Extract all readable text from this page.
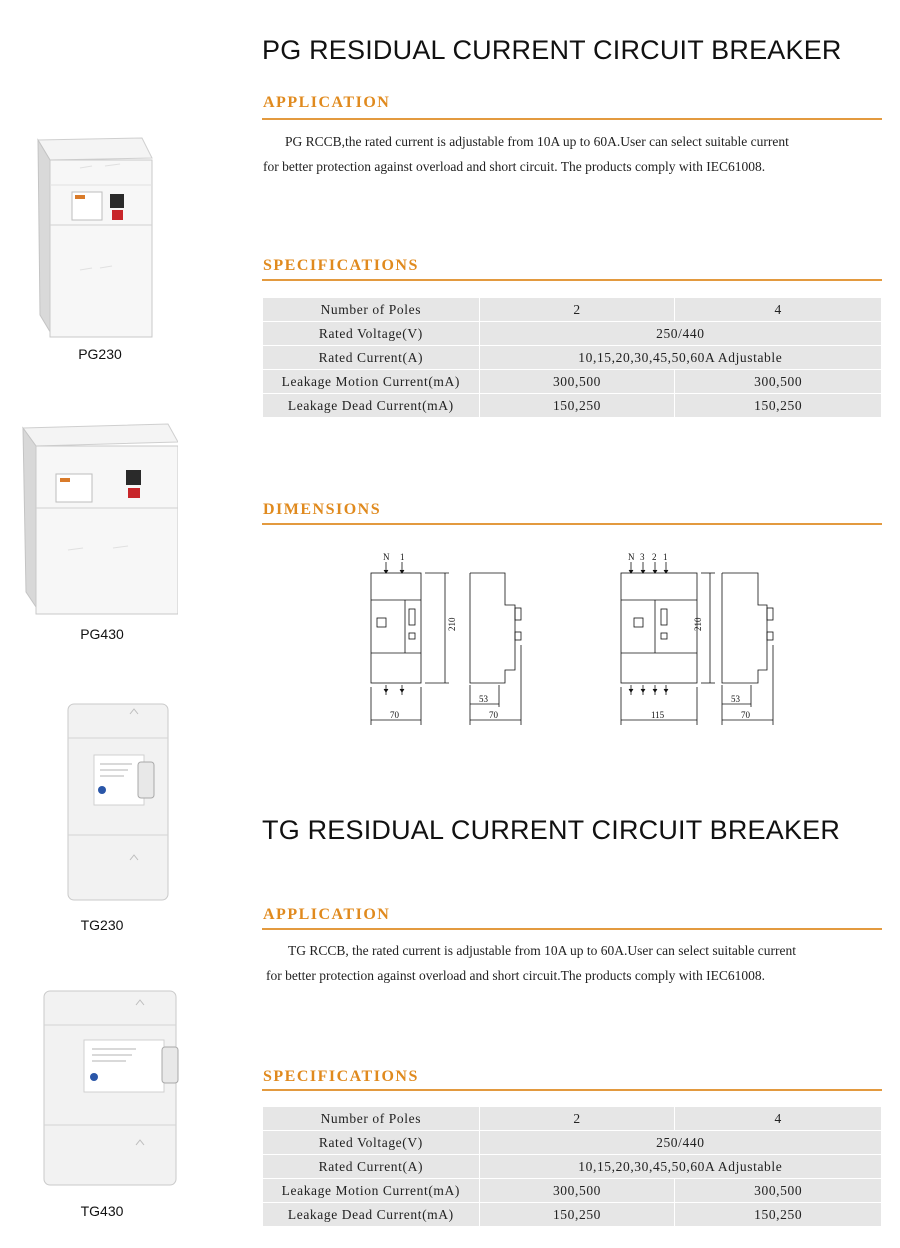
PG230
PG430
TG230
TG430
PG RESIDUAL CURRENT CIRCUIT BREAKER
APPLICATION
PG RCCB,the rated current is adjustable from 10A up to 60A.User can select suitable current
for better protection against overload and short circuit. The products comply with IEC61008.
SPECIFICATIONS
Number of Poles	2	4
Rated Voltage(V)	250/440	
Rated Current(A)	10,15,20,30,45,50,60A Adjustable	
Leakage Motion Current(mA)	300,500	300,500
Leakage Dead Current(mA)	150,250	150,250
DIMENSIONS
N 1
210
70
53
70
N 3 2 1
210
115
53
70
TG RESIDUAL CURRENT CIRCUIT BREAKER
APPLICATION
TG RCCB, the rated current is adjustable from 10A up to 60A.User can select suitable current
for better protection against overload and short circuit.The products comply with IEC61008.
SPECIFICATIONS
Number of Poles	2	4
Rated Voltage(V)	250/440	
Rated Current(A)	10,15,20,30,45,50,60A Adjustable	
Leakage Motion Current(mA)	300,500	300,500
Leakage Dead Current(mA)	150,250	150,250
